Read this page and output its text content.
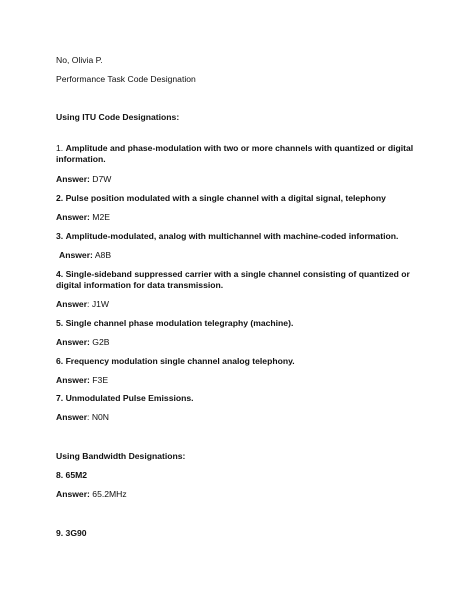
No, Olivia P.
Performance Task Code Designation
Using ITU Code Designations:
1. Amplitude and phase-modulation with two or more channels with quantized or digital information.
Answer: D7W
2. Pulse position modulated with a single channel with a digital signal, telephony
Answer: M2E
3. Amplitude-modulated, analog with multichannel with machine-coded information.
Answer: A8B
4. Single-sideband suppressed carrier with a single channel consisting of quantized or digital information for data transmission.
Answer: J1W
5. Single channel phase modulation telegraphy (machine).
Answer: G2B
6. Frequency modulation single channel analog telephony.
Answer: F3E
7. Unmodulated Pulse Emissions.
Answer: N0N
Using Bandwidth Designations:
8. 65M2
Answer: 65.2MHz
9. 3G90
